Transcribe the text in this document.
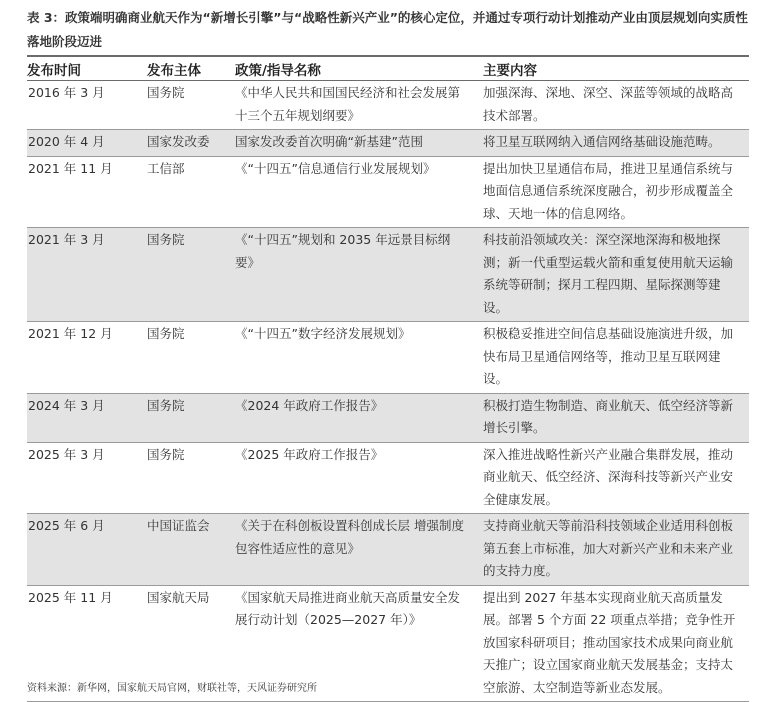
表 3：政策端明确商业航天作为“新增长引擎”与“战略性新兴产业”的核心定位，并通过专项行动计划推动产业由顶层规划向实质性落地阶段迈进
发布时间	发布主体	政策/指导名称	主要内容

2016 年 3 月	国务院	《中华人民共和国国民经济和社会发展第十三个五年规划纲要》	加强深海、深地、深空、深蓝等领域的战略高技术部署。

2020 年 4 月	国家发改委	国家发改委首次明确“新基建”范围	将卫星互联网纳入通信网络基础设施范畴。

2021 年 11 月	工信部	《“十四五”信息通信行业发展规划》	提出加快卫星通信布局，推进卫星通信系统与地面信息通信系统深度融合，初步形成覆盖全球、天地一体的信息网络。

2021 年 3 月	国务院	《“十四五”规划和 2035 年远景目标纲要》	科技前沿领域攻关：深空深地深海和极地探测；新一代重型运载火箭和重复使用航天运输系统等研制；探月工程四期、星际探测等建设。

2021 年 12 月	国务院	《“十四五”数字经济发展规划》	积极稳妥推进空间信息基础设施演进升级，加快布局卫星通信网络等，推动卫星互联网建设。

2024 年 3 月	国务院	《2024 年政府工作报告》	积极打造生物制造、商业航天、低空经济等新增长引擎。

2025 年 3 月	国务院	《2025 年政府工作报告》	深入推进战略性新兴产业融合集群发展，推动商业航天、低空经济、深海科技等新兴产业安全健康发展。

2025 年 6 月	中国证监会	《关于在科创板设置科创成长层 增强制度包容性适应性的意见》	支持商业航天等前沿科技领域企业适用科创板第五套上市标准，加大对新兴产业和未来产业的支持力度。

2025 年 11 月	国家航天局	《国家航天局推进商业航天高质量安全发展行动计划（2025—2027 年）》	提出到 2027 年基本实现商业航天高质量发展。部署 5 个方面 22 项重点举措；竞争性开放国家科研项目；推动国家技术成果向商业航天推广；设立国家商业航天发展基金；支持太空旅游、太空制造等新业态发展。
资料来源：新华网，国家航天局官网，财联社等，天风证券研究所
